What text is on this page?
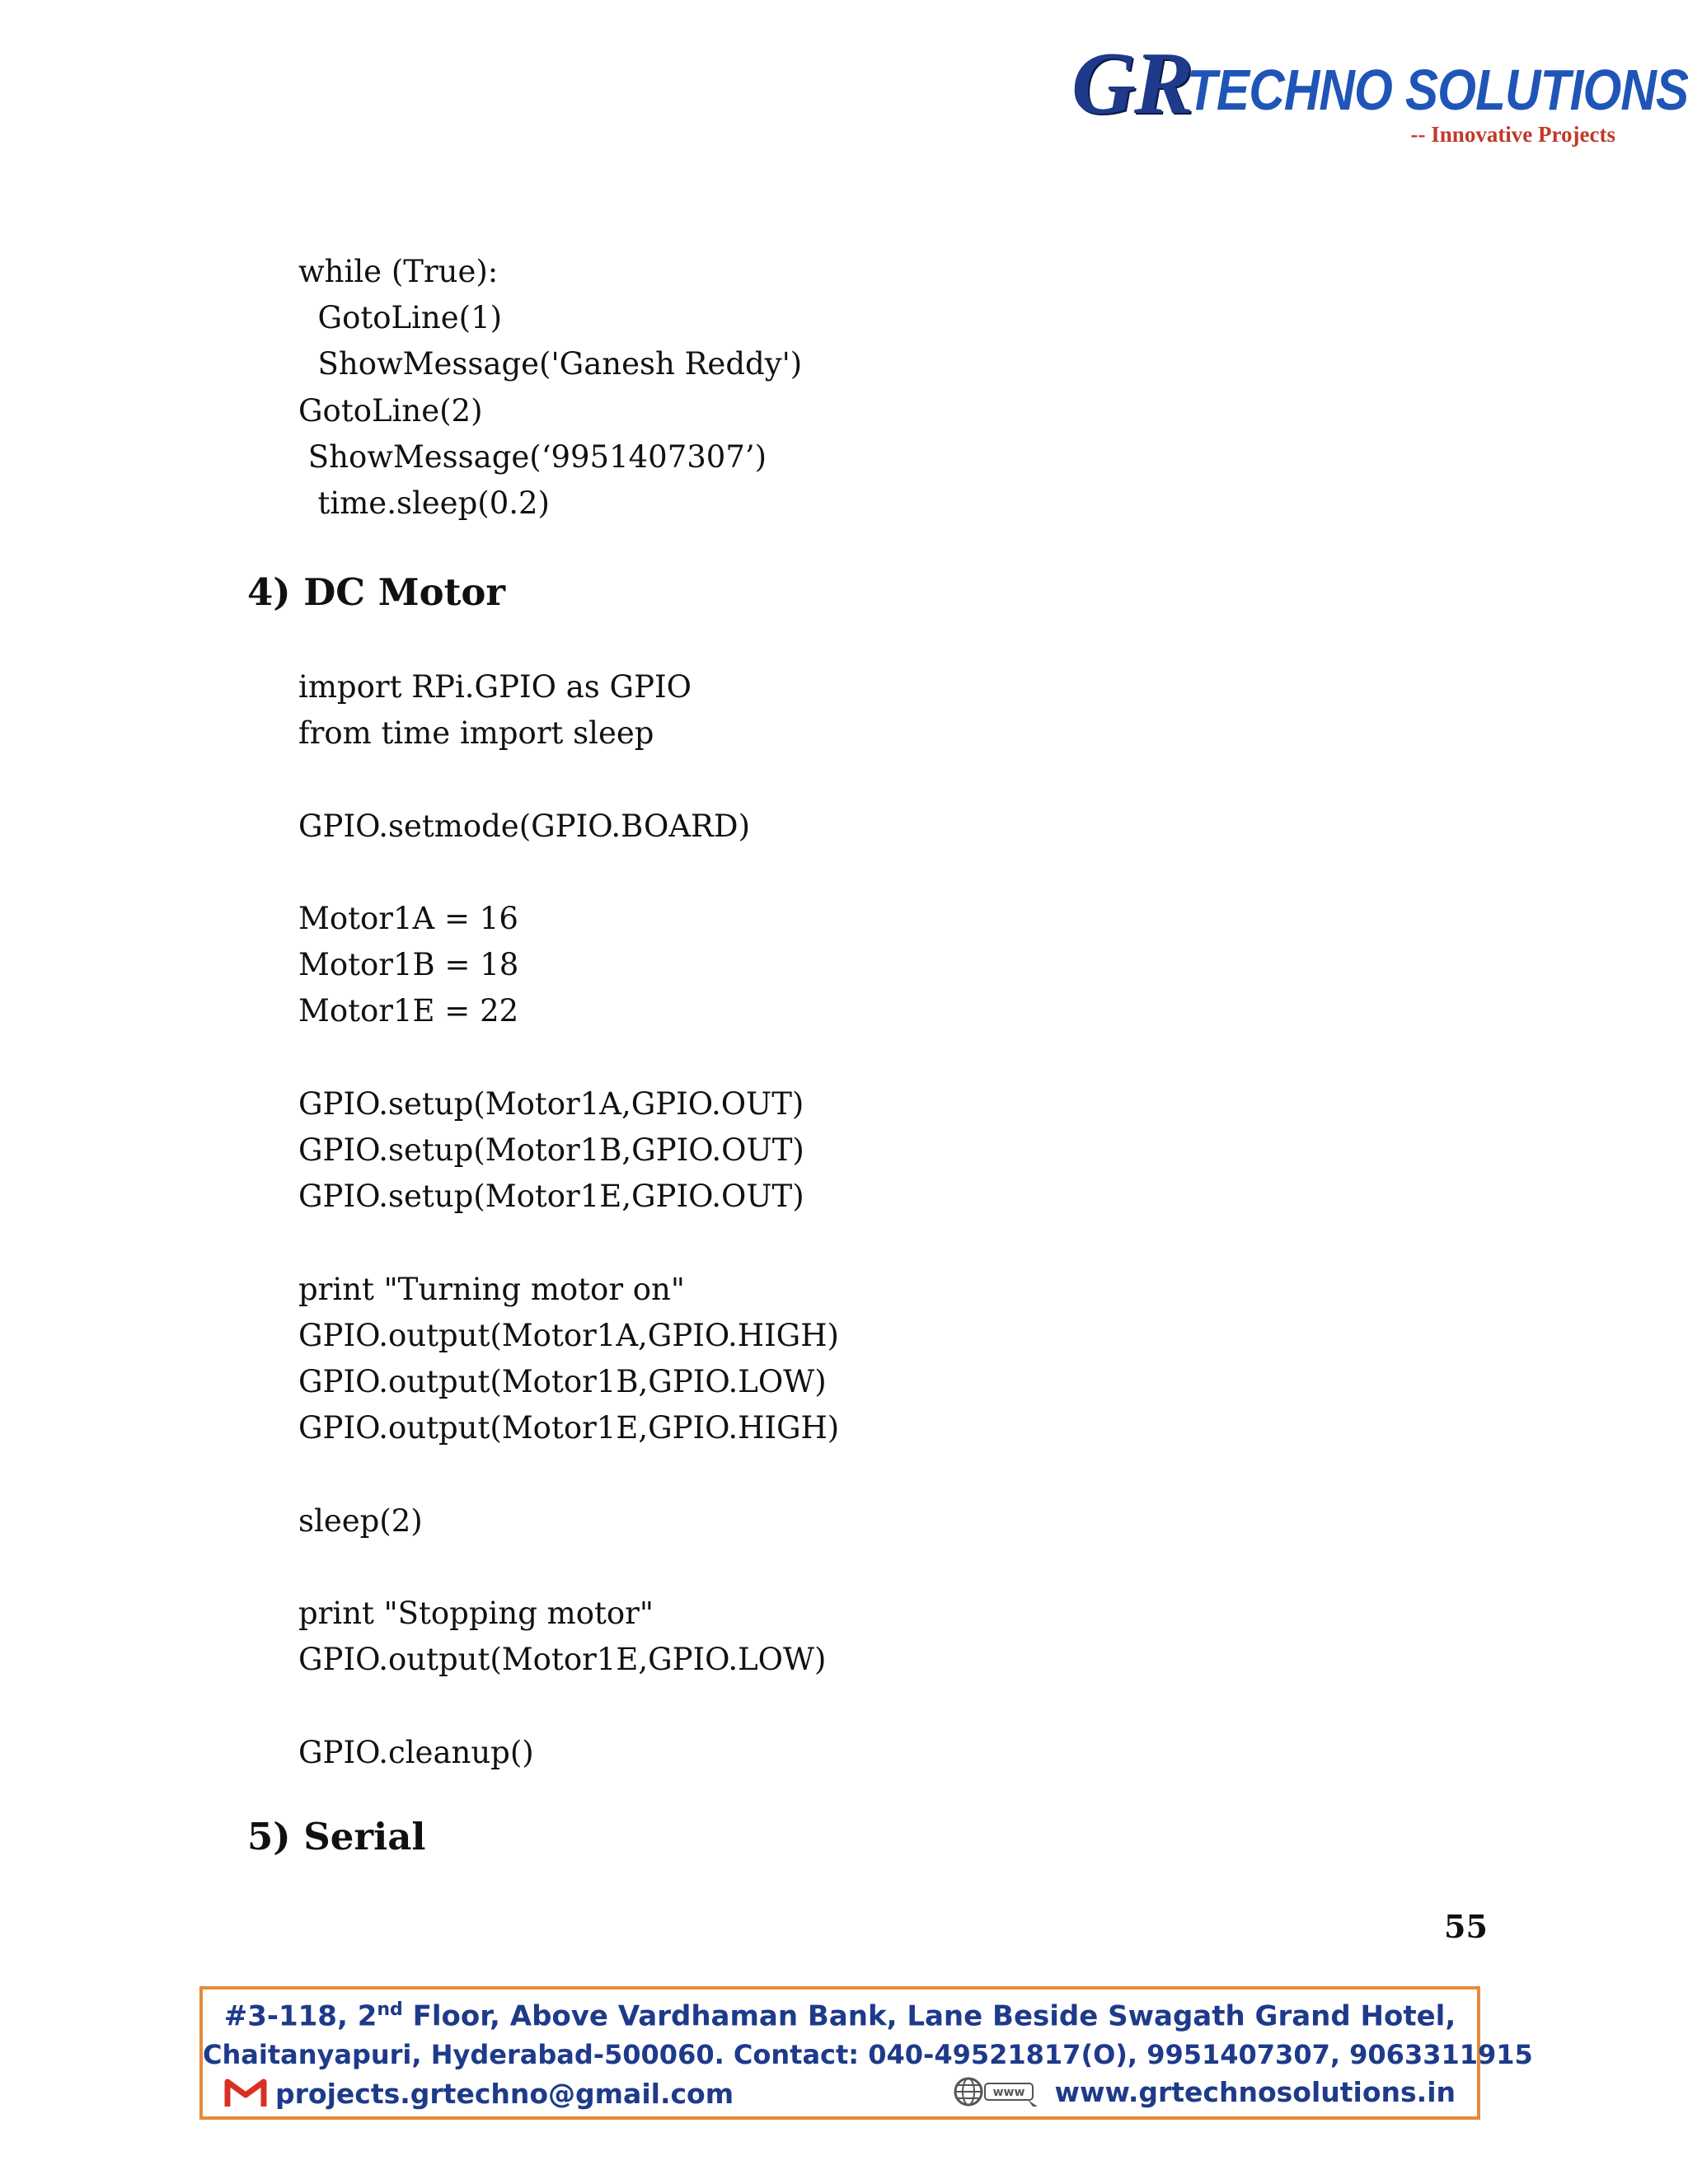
GR
TECHNO SOLUTIONS
-- Innovative Projects
while (True):
GotoLine(1)
ShowMessage('Ganesh Reddy')
GotoLine(2)
ShowMessage(‘9951407307’)
time.sleep(0.2)
4) DC Motor
import RPi.GPIO as GPIO
from time import sleep

GPIO.setmode(GPIO.BOARD)

Motor1A = 16
Motor1B = 18
Motor1E = 22

GPIO.setup(Motor1A,GPIO.OUT)
GPIO.setup(Motor1B,GPIO.OUT)
GPIO.setup(Motor1E,GPIO.OUT)

print "Turning motor on"
GPIO.output(Motor1A,GPIO.HIGH)
GPIO.output(Motor1B,GPIO.LOW)
GPIO.output(Motor1E,GPIO.HIGH)

sleep(2)

print "Stopping motor"
GPIO.output(Motor1E,GPIO.LOW)

GPIO.cleanup()
5) Serial
55
#3-118, 2nd Floor, Above Vardhaman Bank, Lane Beside Swagath Grand Hotel,
Chaitanyapuri, Hyderabad-500060. Contact: 040-49521817(O), 9951407307, 9063311915
projects.grtechno@gmail.com	www www.grtechnosolutions.in
